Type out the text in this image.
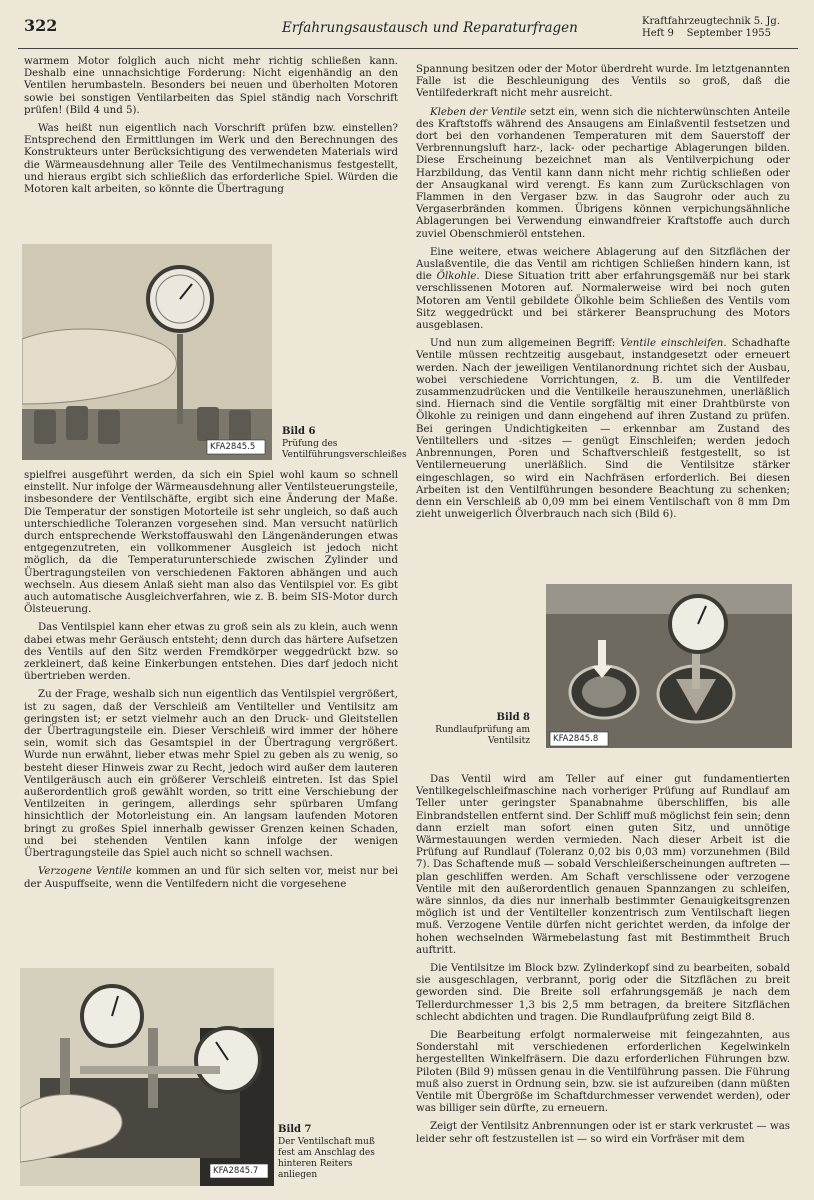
322	Erfahrungsaustausch und Reparaturfragen	Kraftfahrzeugtechnik 5. Jg.
Heft 9    September 1955

warmem Motor folglich auch nicht mehr richtig schließen kann. Deshalb eine unnachsichtige Forderung: Nicht eigenhändig an den Ventilen herumbasteln. Besonders bei neuen und überholten Motoren sowie bei sonstigen Ventilarbeiten das Spiel ständig nach Vorschrift prüfen! (Bild 4 und 5).

Was heißt nun eigentlich nach Vorschrift prüfen bzw. einstellen? Entsprechend den Ermittlungen im Werk und den Berechnungen des Konstrukteurs unter Berücksichtigung des verwendeten Materials wird die Wärmeausdehnung aller Teile des Ventilmechanismus festgestellt, und hieraus ergibt sich schließlich das erforderliche Spiel. Würden die Motoren kalt arbeiten, so könnte die Übertragung

KFA2845.5
Bild 6
Prüfung des Ventilführungsverschleißes

spielfrei ausgeführt werden, da sich ein Spiel wohl kaum so schnell einstellt. Nur infolge der Wärmeausdehnung aller Ventilsteuerungsteile, insbesondere der Ventilschäfte, ergibt sich eine Änderung der Maße. Die Temperatur der sonstigen Motorteile ist sehr ungleich, so daß auch unterschiedliche Toleranzen vorgesehen sind. Man versucht natürlich durch entsprechende Werkstoffauswahl den Längenänderungen etwas entgegenzutreten, ein vollkommener Ausgleich ist jedoch nicht möglich, da die Temperaturunterschiede zwischen Zylinder und Übertragungsteilen von verschiedenen Faktoren abhängen und auch wechseln. Aus diesem Anlaß sieht man also das Ventilspiel vor. Es gibt auch automatische Ausgleichverfahren, wie z. B. beim SIS-Motor durch Ölsteuerung.

Das Ventilspiel kann eher etwas zu groß sein als zu klein, auch wenn dabei etwas mehr Geräusch entsteht; denn durch das härtere Aufsetzen des Ventils auf den Sitz werden Fremdkörper weggedrückt bzw. so zerkleinert, daß keine Einkerbungen entstehen. Dies darf jedoch nicht übertrieben werden.

Zu der Frage, weshalb sich nun eigentlich das Ventilspiel vergrößert, ist zu sagen, daß der Verschleiß am Ventilteller und Ventilsitz am geringsten ist; er setzt vielmehr auch an den Druck- und Gleitstellen der Übertragungsteile ein. Dieser Verschleiß wird immer der höhere sein, womit sich das Gesamtspiel in der Übertragung vergrößert. Wurde nun erwähnt, lieber etwas mehr Spiel zu geben als zu wenig, so besteht dieser Hinweis zwar zu Recht, jedoch wird außer dem lauteren Ventilgeräusch auch ein größerer Verschleiß eintreten. Ist das Spiel außerordentlich groß gewählt worden, so tritt eine Verschiebung der Ventilzeiten in geringem, allerdings sehr spürbaren Umfang hinsichtlich der Motorleistung ein. An langsam laufenden Motoren bringt zu großes Spiel innerhalb gewisser Grenzen keinen Schaden, und bei stehenden Ventilen kann infolge der wenigen Übertragungsteile das Spiel auch nicht so schnell wachsen.

Verzogene Ventile kommen an und für sich selten vor, meist nur bei der Auspuffseite, wenn die Ventilfedern nicht die vorgesehene

KFA2845.7
Bild 7
Der Ventilschaft muß fest am Anschlag des hinteren Reiters anliegen

Spannung besitzen oder der Motor überdreht wurde. Im letztgenannten Falle ist die Beschleunigung des Ventils so groß, daß die Ventilfederkraft nicht mehr ausreicht.

Kleben der Ventile setzt ein, wenn sich die nichterwünschten Anteile des Kraftstoffs während des Ansaugens am Einlaßventil festsetzen und dort bei den vorhandenen Temperaturen mit dem Sauerstoff der Verbrennungsluft harz-, lack- oder pechartige Ablagerungen bilden. Diese Erscheinung bezeichnet man als Ventilverpichung oder Harzbildung, das Ventil kann dann nicht mehr richtig schließen oder der Ansaugkanal wird verengt. Es kann zum Zurückschlagen von Flammen in den Vergaser bzw. in das Saugrohr oder auch zu Vergaserbränden kommen. Übrigens können verpichungsähnliche Ablagerungen bei Verwendung einwandfreier Kraftstoffe auch durch zuviel Obenschmieröl entstehen.

Eine weitere, etwas weichere Ablagerung auf den Sitzflächen der Auslaßventile, die das Ventil am richtigen Schließen hindern kann, ist die Ölkohle. Diese Situation tritt aber erfahrungsgemäß nur bei stark verschlissenen Motoren auf. Normalerweise wird bei noch guten Motoren am Ventil gebildete Ölkohle beim Schließen des Ventils vom Sitz weggedrückt und bei stärkerer Beanspruchung des Motors ausgeblasen.

Und nun zum allgemeinen Begriff: Ventile einschleifen. Schadhafte Ventile müssen rechtzeitig ausgebaut, instandgesetzt oder erneuert werden. Nach der jeweiligen Ventilanordnung richtet sich der Ausbau, wobei verschiedene Vorrichtungen, z. B. um die Ventilfeder zusammenzudrücken und die Ventilkeile herauszunehmen, unerläßlich sind. Hiernach sind die Ventile sorgfältig mit einer Drahtbürste von Ölkohle zu reinigen und dann eingehend auf ihren Zustand zu prüfen. Bei geringen Undichtigkeiten — erkennbar am Zustand des Ventiltellers und -sitzes — genügt Einschleifen; werden jedoch Anbrennungen, Poren und Schaftverschleiß festgestellt, so ist Ventilerneuerung unerläßlich. Sind die Ventilsitze stärker eingeschlagen, so wird ein Nachfräsen erforderlich. Bei diesen Arbeiten ist den Ventilführungen besondere Beachtung zu schenken; denn ein Verschleiß ab 0,09 mm bei einem Ventilschaft von 8 mm Dm zieht unweigerlich Ölverbrauch nach sich (Bild 6).

KFA2845.8
Bild 8
Rundlaufprüfung am Ventilsitz

Das Ventil wird am Teller auf einer gut fundamentierten Ventilkegelschleifmaschine nach vorheriger Prüfung auf Rundlauf am Teller unter geringster Spanabnahme überschliffen, bis alle Einbrandstellen entfernt sind. Der Schliff muß möglichst fein sein; denn dann erzielt man sofort einen guten Sitz, und unnötige Wärmestauungen werden vermieden. Nach dieser Arbeit ist die Prüfung auf Rundlauf (Toleranz 0,02 bis 0,03 mm) vorzunehmen (Bild 7). Das Schaftende muß — sobald Verschleißerscheinungen auftreten — plan geschliffen werden. Am Schaft verschlissene oder verzogene Ventile mit den außerordentlich genauen Spannzangen zu schleifen, wäre sinnlos, da dies nur innerhalb bestimmter Genauigkeitsgrenzen möglich ist und der Ventilteller konzentrisch zum Ventilschaft liegen muß. Verzogene Ventile dürfen nicht gerichtet werden, da infolge der hohen wechselnden Wärmebelastung fast mit Bestimmtheit Bruch auftritt.

Die Ventilsitze im Block bzw. Zylinderkopf sind zu bearbeiten, sobald sie ausgeschlagen, verbrannt, porig oder die Sitzflächen zu breit geworden sind. Die Breite soll erfahrungsgemäß je nach dem Tellerdurchmesser 1,3 bis 2,5 mm betragen, da breitere Sitzflächen schlecht abdichten und tragen. Die Rundlaufprüfung zeigt Bild 8.

Die Bearbeitung erfolgt normalerweise mit feingezahnten, aus Sonderstahl mit verschiedenen erforderlichen Kegelwinkeln hergestellten Winkelfräsern. Die dazu erforderlichen Führungen bzw. Piloten (Bild 9) müssen genau in die Ventilführung passen. Die Führung muß also zuerst in Ordnung sein, bzw. sie ist aufzureiben (dann müßten Ventile mit Übergröße im Schaftdurchmesser verwendet werden), oder was billiger sein dürfte, zu erneuern.

Zeigt der Ventilsitz Anbrennungen oder ist er stark verkrustet — was leider sehr oft festzustellen ist — so wird ein Vorfräser mit dem
